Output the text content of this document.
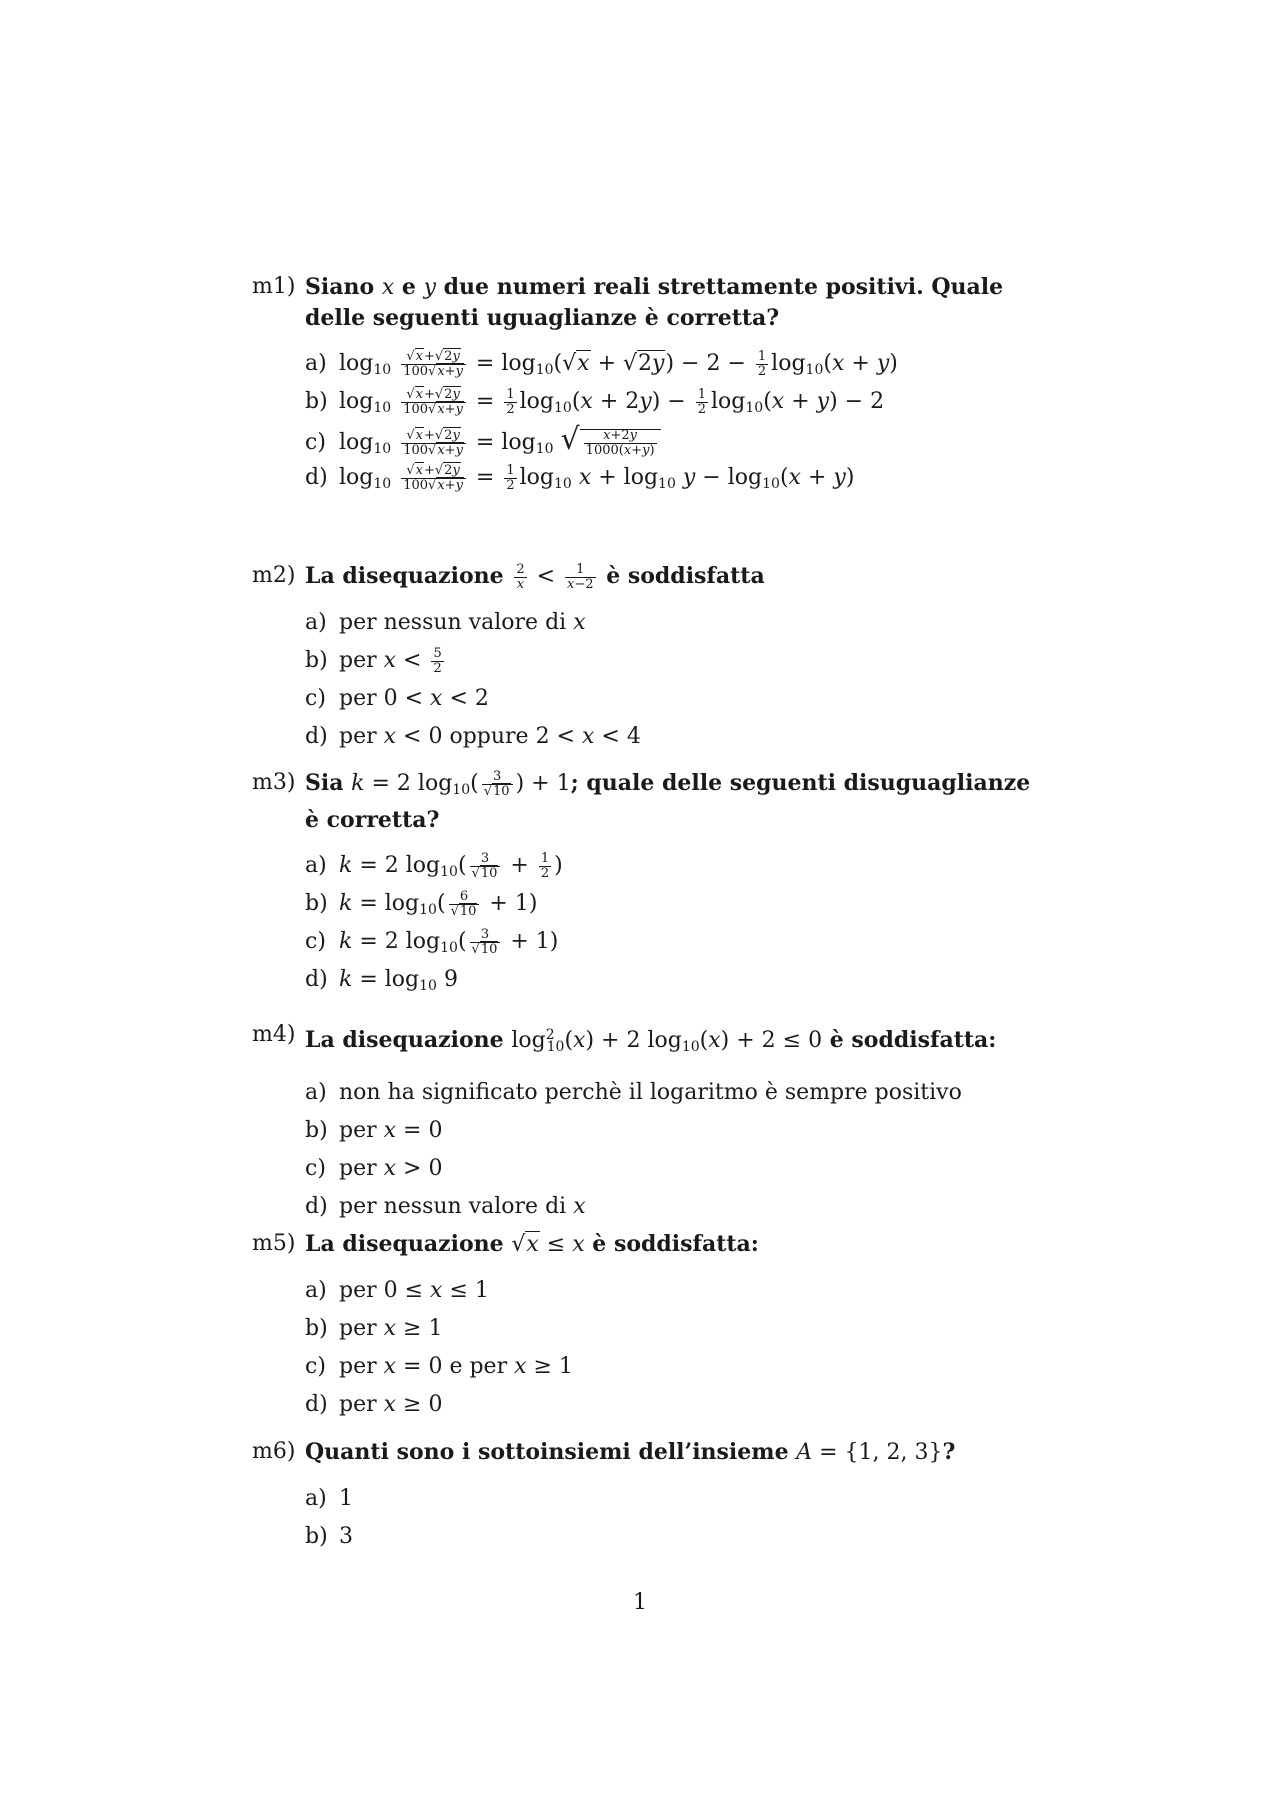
m1) Siano x e y due numeri reali strettamente positivi. Quale delle seguenti uguaglianze è corretta?
a) $\log_{10} \frac{√x+√2y}{100√x+y} = \log_{10}(√x + √2y) - 2 - \frac{1}{2} \log_{10}(x + y)$
b) $\log_{10} \frac{√x+√2y}{100√x+y} = \frac{1}{2} \log_{10}(x + 2y) - \frac{1}{2} \log_{10}(x + y) - 2$
c) $\log_{10} \frac{√x+√2y}{100√x+y} = \log_{10}$ √ $\frac{x+2y}{1000(x+y)}$
d) $\log_{10} \frac{√x+√2y}{100√x+y} = \frac{1}{2} \log_{10} x + \log_{10} y - \log_{10}(x + y)$
m2) La disequazione $\frac{2}{x} < \frac{1}{x-2}$ è soddisfatta
a) per nessun valore di x
b) per $x < \frac{5}{2}$
c) per 0 < x < 2
d) per x < 0 oppure 2 < x < 4
m3) Sia k = 2 $\log_{10}( \frac{3}{√10}$ ) + 1; quale delle seguenti disuguaglianze è corretta?
a) k = 2 $\log_{10}( \frac{3}{√10} + \frac{1}{2}$ )
b) $k = \log_{10}( \frac{6}{√10} + 1)$
c) k = 2 $\log_{10}( \frac{3}{√10} + 1)$
d) $k = \log_{10} 9$
m4) La disequazione $\log^2_{10}(x) + 2$ $\log_{10}(x) + 2 \le 0$ è soddisfatta:
a) non ha significato perchè il logaritmo è sempre positivo
b) per x = 0
c) per x > 0
d) per nessun valore di x
m5) La disequazione √x ≤ x è soddisfatta:
a) per 0 ≤ x ≤ 1
b) per x ≥ 1
c) per x = 0 e per x ≥ 1
d) per x ≥ 0
m6) Quanti sono i sottoinsiemi dell’insieme A = {1, 2, 3}?
a) 1
b) 3
1
